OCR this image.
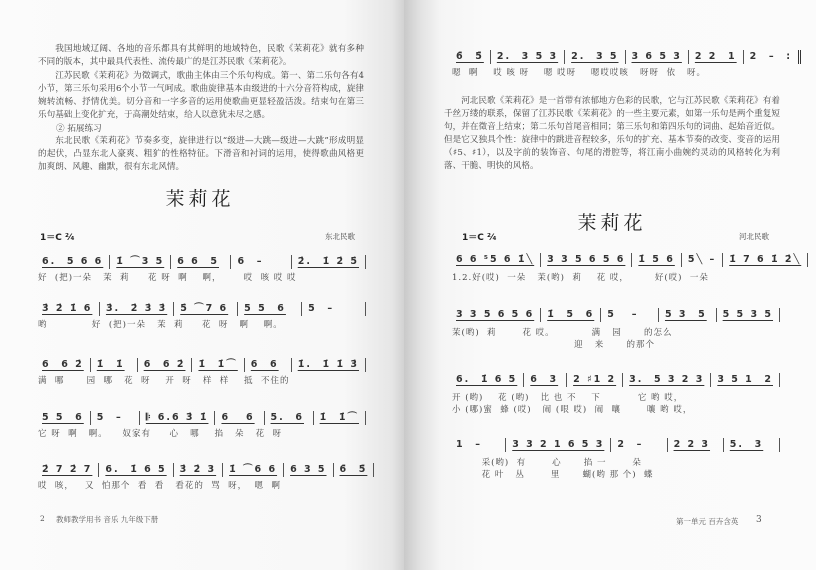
我国地域辽阔、各地的音乐都具有其鲜明的地域特色，民歌《茉莉花》就有多种不同的版本，其中最具代表性、流传最广的是江苏民歌《茉莉花》。
江苏民歌《茉莉花》为徵调式，歌曲主体由三个乐句构成。第一、第二乐句各有4小节，第三乐句采用6个小节一气呵成。歌曲旋律基本由级进的十六分音符构成，旋律婉转流畅、抒情优美。切分音和一字多音的运用使歌曲更显轻盈活泼。结束句在第三乐句基础上变化扩充，于高潮处结束，给人以意犹未尽之感。
② 拓展练习
东北民歌《茉莉花》节奏多变，旋律进行以“级进—大跳—级进—大跳”形成明显的起伏，凸显东北人豪爽、粗犷的性格特征。下滑音和衬词的运用，使得歌曲风格更加爽朗、风趣、幽默，很有东北风情。
茉莉花
1＝C ²⁄₄	东北民歌
6.  5 6 6	1̇ ⌒3 5	6 6  5	6  –	2̇.  1̇ 2̇ 5̇
好  (把)一朵   茉  莉     花 呀  啊    啊，      哎  咳 哎 哎
3̇ 2̇ 1̇ 6	3̇.  2̇ 3̇ 3̇	5̇ ⌒7 6	5 5  6	5  –
哟            好  (把)一朵   茉  莉     花  呀   啊    啊。
6  6 2̇	1̇  1̇	6  6 2̇	1̇  1̇⌒	6  6	1̇.  1̇ 1̇ 3̇
满  哪      园  哪   花  呀    开  呀   样  样    抵  不住的
5 5  6	5  –	𝄆 6.6 3̇ 1̇	6   6	5.  6	1̇  1̇⌒
它 呀  啊   啊。    奴家有     心   哪    掐   朵   花  呀
2̇ 7 2̇ 7	6.  1̇ 6 5	3̇ 2̇ 3	1̇ ⌒6 6	6 3 5	6̄  5̄
哎  咳，   又  怕那个  看  看   看花的  骂  呀，  嗯  啊
2 教师教学用书 音乐 九年级下册
6̄  5̄	2.  3 5 3	2.  3 5	3 6 5 3	2 2  1	2  –  :
嗯  啊    哎 咳 呀    嗯 哎呀    嗯哎哎咳   呀呀  依   呀。
6 6 ⁵5 6 1̇╲	3 3 5 6 5 6	1̇ 5 6	5╲ –	1̇ 7 6 1̇ 2̇╲
1.2.好(哎)  一朵   茉(哟)  莉    花 哎，       好(哎)  一朵
3 3 5 6 5 6	1̇  5  6	5   –	5 3  5	5 5 3 5
茉(哟)  莉       花 哎。          满   园      的怎么
迎   来      的那个
6.  1̇ 6 5	6  3	2 ♯1 2	3.  5 3 2 3	3 5 1  2
开 (哟)    花 (哟)   比 也 不    下          它 哟 哎，
小 (哪)蜜  蜂 (哎)   闹 (哏 哎)  闹  嚷       嚷 哟 哎，
1  –	3 3 2 1 6 5 3	2  –	2 2 3	5.  3
采(哟)  有       心      掐 一       朵
花 叶   丛       里      蝴(哟 那 个)  蝶
河北民歌《茉莉花》是一首带有浓郁地方色彩的民歌，它与江苏民歌《茉莉花》有着千丝万缕的联系，保留了江苏民歌《茉莉花》的一些主要元素，如第一乐句是两个重复短句，并在徵音上结束；第二乐句首尾音相同；第三乐句和第四乐句的词曲、起始音近似。但是它又独具个性：旋律中的跳进音程较多，乐句的扩充、基本节奏的改变、变音的运用（♯5、♯1），以及字前的装饰音、句尾的滑腔等，将江南小曲婉约灵动的风格转化为利落、干脆、明快的风格。
茉莉花
1＝C ²⁄₄	河北民歌
第一单元 百卉含英 3
